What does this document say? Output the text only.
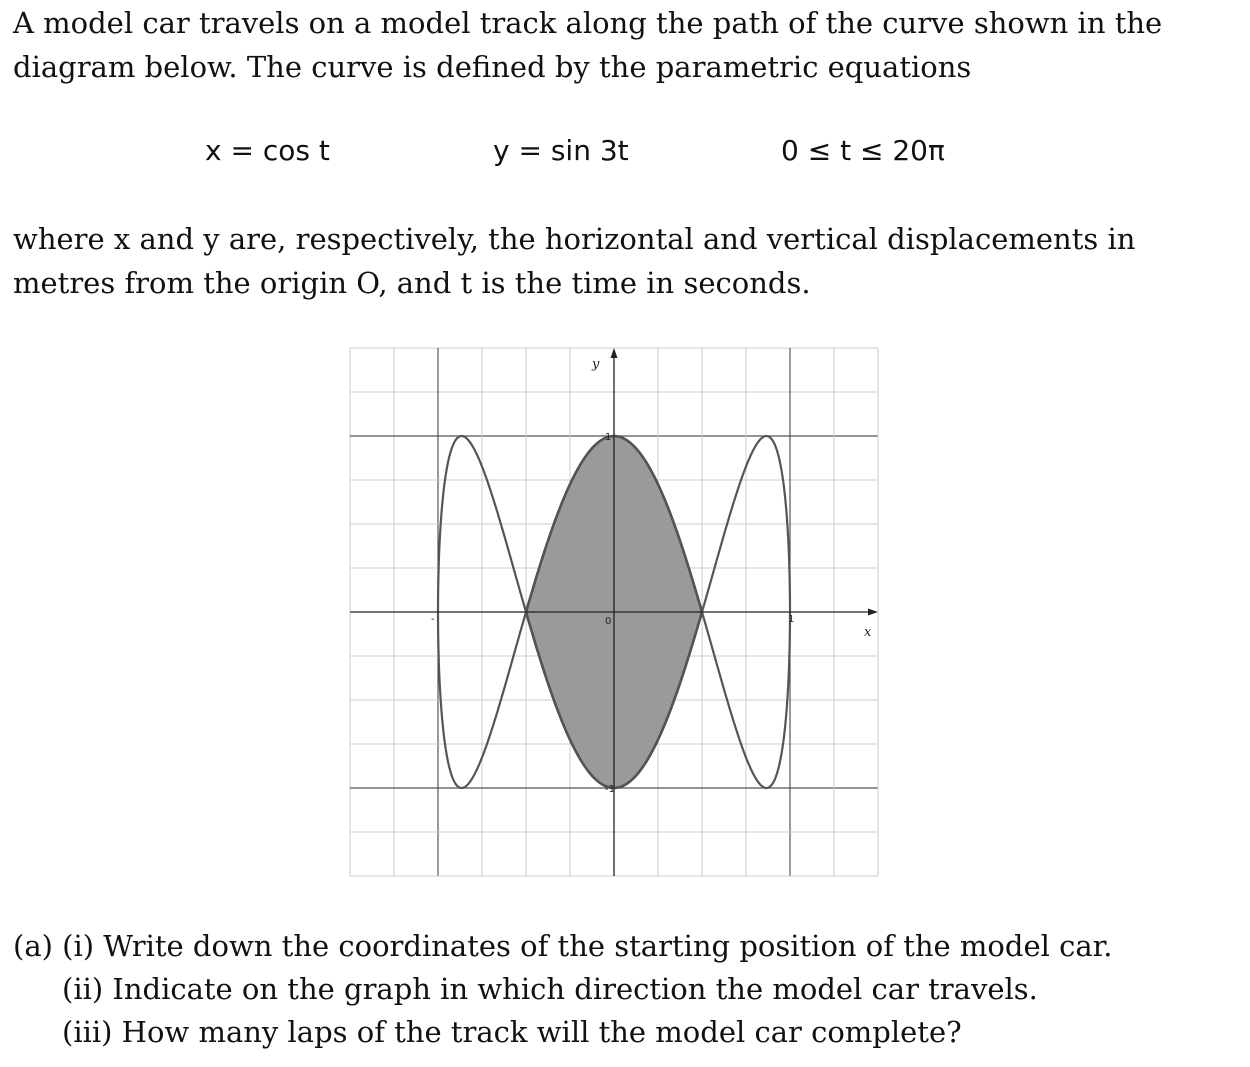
A model car travels on a model track along the path of the curve shown in the diagram below. The curve is defined by the parametric equations

x = cos t	y = sin 3t	0 ≤ t ≤ 20π

where x and y are, respectively, the horizontal and vertical displacements in metres from the origin O, and t is the time in seconds.

y
x
0
1
-1
-	1
(a) (i) Write down the coordinates of the starting position of the model car.
(ii) Indicate on the graph in which direction the model car travels.
(iii) How many laps of the track will the model car complete?
